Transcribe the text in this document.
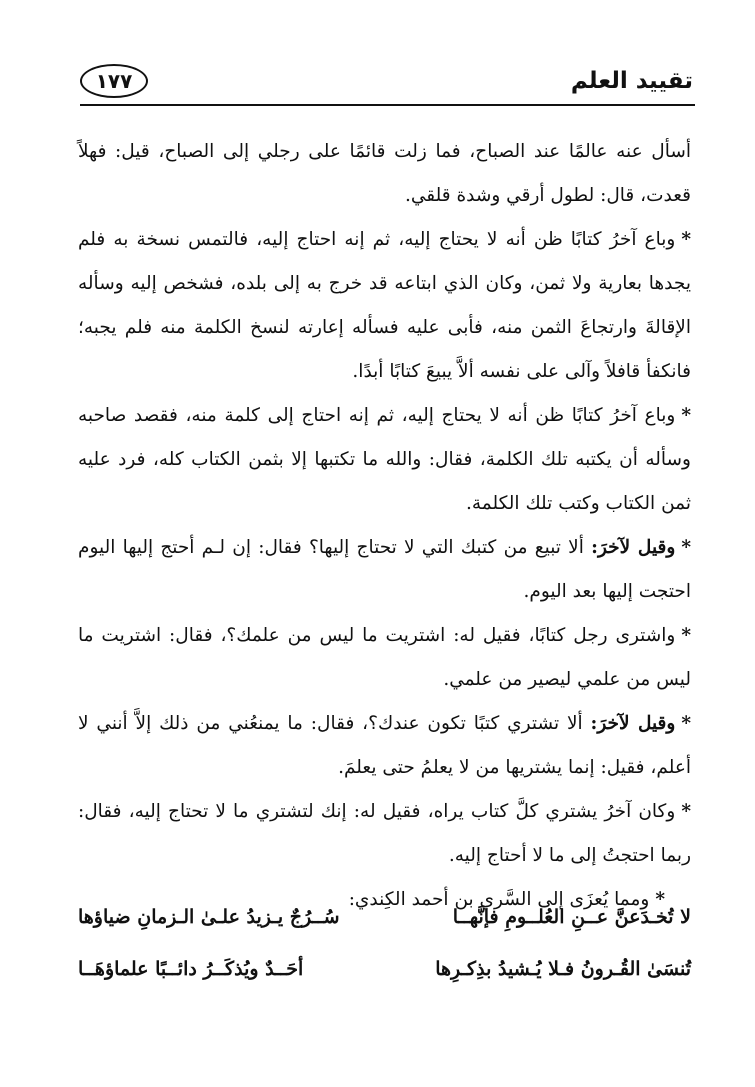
تقييد العلم
١٧٧

أسأل عنه عالمًا عند الصباح، فما زلت قائمًا على رجلي إلى الصباح، قيل: فهلاً قعدت، قال: لطول أرقي وشدة قلقي.

*وباع آخرُ كتابًا ظن أنه لا يحتاج إليه، ثم إنه احتاج إليه، فالتمس نسخة به فلم يجدها بعارية ولا ثمن، وكان الذي ابتاعه قد خرج به إلى بلده، فشخص إليه وسأله الإقالةَ وارتجاعَ الثمن منه، فأبى عليه فسأله إعارته لنسخ الكلمة منه فلم يجبه؛ فانكفأ قافلاً وآلى على نفسه ألاَّ يبيعَ كتابًا أبدًا.

*وباع آخرُ كتابًا ظن أنه لا يحتاج إليه، ثم إنه احتاج إلى كلمة منه، فقصد صاحبه وسأله أن يكتبه تلك الكلمة، فقال: والله ما تكتبها إلا بثمن الكتاب كله، فرد عليه ثمن الكتاب وكتب تلك الكلمة.

*وقيل لآخرَ: ألا تبيع من كتبك التي لا تحتاج إليها؟ فقال: إن لـم أحتج إليها اليوم احتجت إليها بعد اليوم.

*واشترى رجل كتابًا، فقيل له: اشتريت ما ليس من علمك؟، فقال: اشتريت ما ليس من علمي ليصير من علمي.

*وقيل لآخرَ: ألا تشتري كتبًا تكون عندك؟، فقال: ما يمنعُني من ذلك إلاَّ أنني لا أعلم، فقيل: إنما يشتريها من لا يعلمُ حتى يعلمَ.

*وكان آخرُ يشتري كلَّ كتاب يراه، فقيل له: إنك لتشتري ما لا تحتاج إليه، فقال: ربما احتجتُ إلى ما لا أحتاج إليه.

*ومما يُعزَى إلى السَّري بن أحمد الكِندي:

لا تُخـدَعنَّ عــنِ العُلــومِ فإنَّهــا
سُــرُجٌ يـزيدُ علـىٰ الـزمانِ ضياؤها
تُنسَىٰ القُـرونُ فـلا يُـشيدُ بذِكـرِها
أحَــدٌ ويُذكَــرُ دائــبًا علماؤهَــا
